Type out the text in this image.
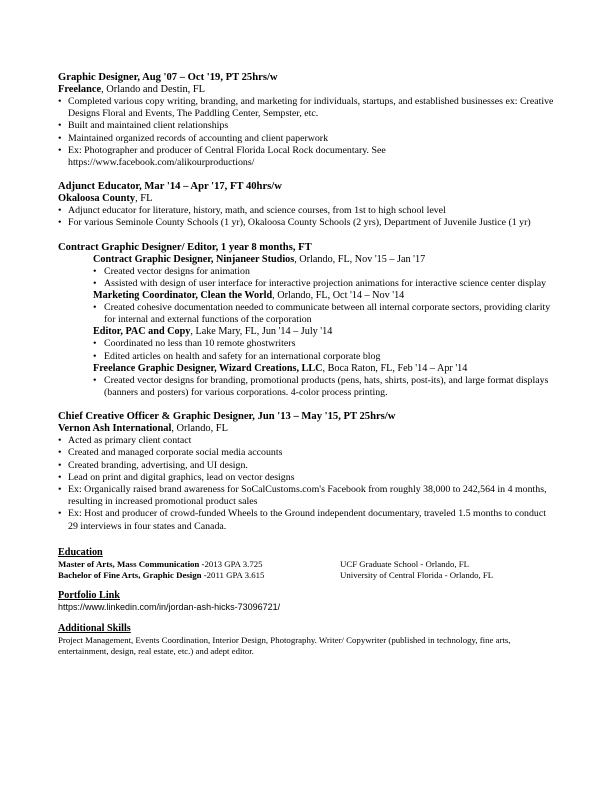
Graphic Designer, Aug '07 – Oct '19, PT 25hrs/w

Freelance, Orlando and Destin, FL

• Completed various copy writing, branding, and marketing for individuals, startups, and established businesses ex: Creative Designs Floral and Events, The Paddling Center, Sempster, etc.
• Built and maintained client relationships
• Maintained organized records of accounting and client paperwork
• Ex: Photographer and producer of Central Florida Local Rock documentary. See https://www.facebook.com/alikourproductions/

Adjunct Educator, Mar '14 – Apr '17, FT 40hrs/w

Okaloosa County, FL

• Adjunct educator for literature, history, math, and science courses, from 1st to high school level
• For various Seminole County Schools (1 yr), Okaloosa County Schools (2 yrs), Department of Juvenile Justice (1 yr)

Contract Graphic Designer/ Editor, 1 year 8 months, FT

Contract Graphic Designer, Ninjaneer Studios, Orlando, FL, Nov '15 – Jan '17

• Created vector designs for animation
• Assisted with design of user interface for interactive projection animations for interactive science center display

Marketing Coordinator, Clean the World, Orlando, FL, Oct '14 – Nov '14

• Created cohesive documentation needed to communicate between all internal corporate sectors, providing clarity for internal and external functions of the corporation

Editor, PAC and Copy, Lake Mary, FL, Jun '14 – July '14

• Coordinated no less than 10 remote ghostwriters
• Edited articles on health and safety for an international corporate blog

Freelance Graphic Designer, Wizard Creations, LLC, Boca Raton, FL, Feb '14 – Apr '14

• Created vector designs for branding, promotional products (pens, hats, shirts, post-its), and large format displays (banners and posters) for various corporations. 4-color process printing.

Chief Creative Officer & Graphic Designer, Jun '13 – May '15, PT 25hrs/w

Vernon Ash International, Orlando, FL

• Acted as primary client contact
• Created and managed corporate social media accounts
• Created branding, advertising, and UI design.
• Lead on print and digital graphics, lead on vector designs
• Ex: Organically raised brand awareness for SoCalCustoms.com's Facebook from roughly 38,000 to 242,564 in 4 months, resulting in increased promotional product sales
• Ex: Host and producer of crowd-funded Wheels to the Ground independent documentary, traveled 1.5 months to conduct 29 interviews in four states and Canada.

Education

Master of Arts, Mass Communication -2013 GPA 3.725	UCF Graduate School - Orlando, FL
Bachelor of Fine Arts, Graphic Design -2011 GPA 3.615	University of Central Florida - Orlando, FL

Portfolio Link

https://www.linkedin.com/in/jordan-ash-hicks-73096721/

Additional Skills

Project Management, Events Coordination, Interior Design, Photography. Writer/ Copywriter (published in technology, fine arts, entertainment, design, real estate, etc.) and adept editor.
